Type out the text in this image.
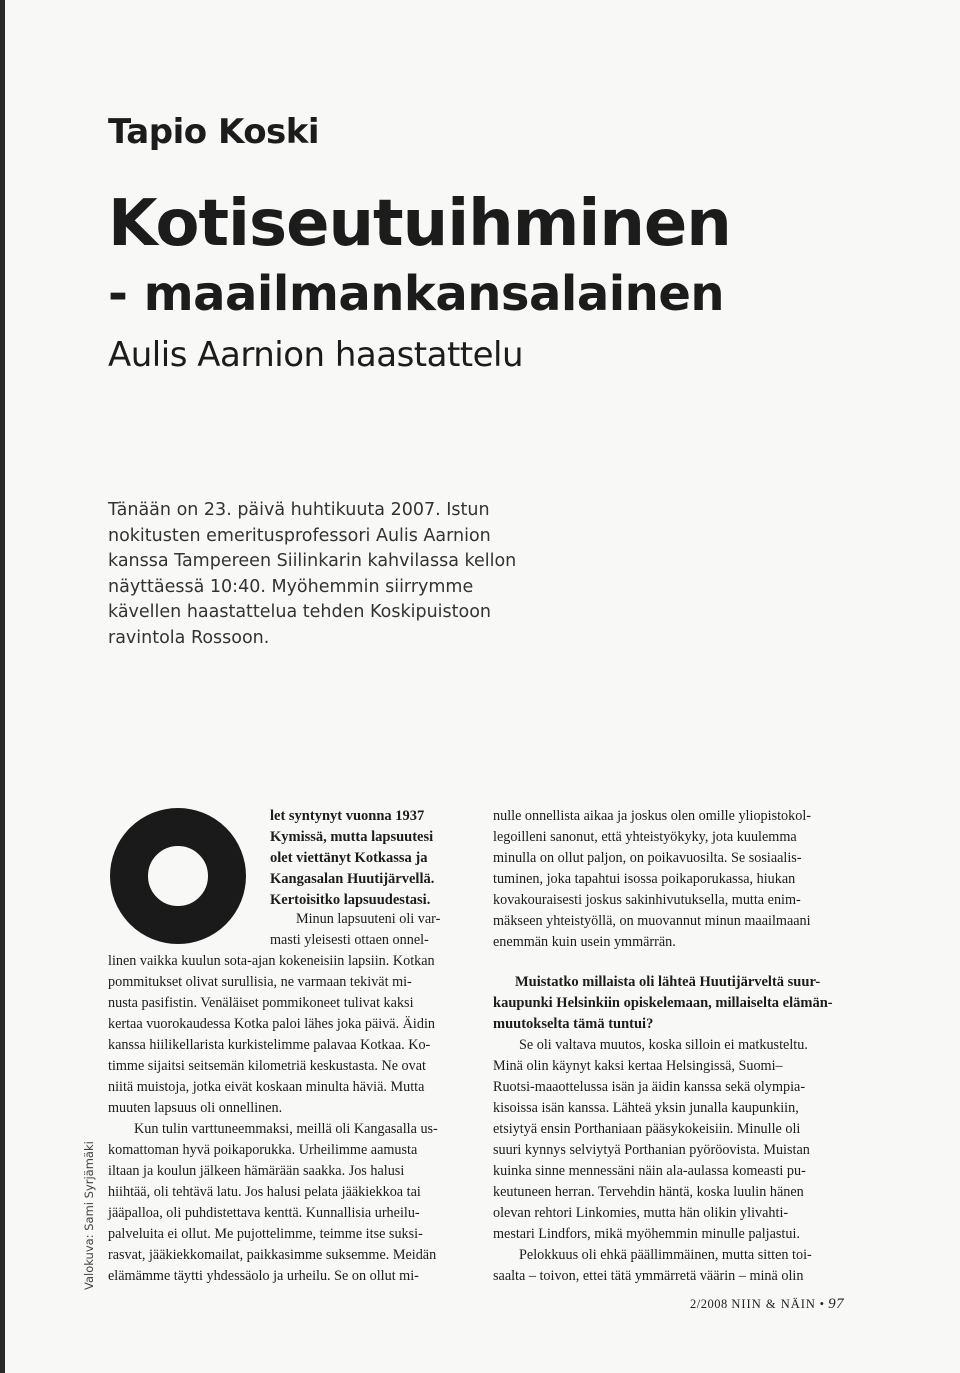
Tapio Koski
Kotiseutuihminen
- maailmankansalainen
Aulis Aarnion haastattelu
Tänään on 23. päivä huhtikuuta 2007. Istun
nokitusten emeritusprofessori Aulis Aarnion
kanssa Tampereen Siilinkarin kahvilassa kellon
näyttäessä 10:40. Myöhemmin siirrymme
kävellen haastattelua tehden Koskipuistoon
ravintola Rossoon.
let syntynyt vuonna 1937
Kymissä, mutta lapsuutesi
olet viettänyt Kotkassa ja
Kangasalan Huutijärvellä.
Kertoisitko lapsuudestasi.
Minun lapsuuteni oli var-
masti yleisesti ottaen onnel-
linen vaikka kuulun sota-ajan kokeneisiin lapsiin. Kotkan
pommitukset olivat surullisia, ne varmaan tekivät mi-
nusta pasifistin. Venäläiset pommikoneet tulivat kaksi
kertaa vuorokaudessa Kotka paloi lähes joka päivä. Äidin
kanssa hiilikellarista kurkistelimme palavaa Kotkaa. Ko-
timme sijaitsi seitsemän kilometriä keskustasta. Ne ovat
niitä muistoja, jotka eivät koskaan minulta häviä. Mutta
muuten lapsuus oli onnellinen.
Kun tulin varttuneemmaksi, meillä oli Kangasalla us-
komattoman hyvä poikaporukka. Urheilimme aamusta
iltaan ja koulun jälkeen hämärään saakka. Jos halusi
hiihtää, oli tehtävä latu. Jos halusi pelata jääkiekkoa tai
jääpalloa, oli puhdistettava kenttä. Kunnallisia urheilu-
palveluita ei ollut. Me pujottelimme, teimme itse suksi-
rasvat, jääkiekkomailat, paikkasimme suksemme. Meidän
elämämme täytti yhdessäolo ja urheilu. Se on ollut mi-
nulle onnellista aikaa ja joskus olen omille yliopistokol-
legoilleni sanonut, että yhteistyökyky, jota kuulemma
minulla on ollut paljon, on poikavuosilta. Se sosiaalis-
tuminen, joka tapahtui isossa poikaporukassa, hiukan
kovakouraisesti joskus sakinhivutuksella, mutta enim-
mäkseen yhteistyöllä, on muovannut minun maailmaani
enemmän kuin usein ymmärrän.
Muistatko millaista oli lähteä Huutijärveltä suur-
kaupunki Helsinkiin opiskelemaan, millaiselta elämän-
muutokselta tämä tuntui?
Se oli valtava muutos, koska silloin ei matkusteltu.
Minä olin käynyt kaksi kertaa Helsingissä, Suomi–
Ruotsi-maaottelussa isän ja äidin kanssa sekä olympia-
kisoissa isän kanssa. Lähteä yksin junalla kaupunkiin,
etsiytyä ensin Porthaniaan pääsykokeisiin. Minulle oli
suuri kynnys selviytyä Porthanian pyöröovista. Muistan
kuinka sinne mennessäni näin ala-aulassa komeasti pu-
keutuneen herran. Tervehdin häntä, koska luulin hänen
olevan rehtori Linkomies, mutta hän olikin ylivahti-
mestari Lindfors, mikä myöhemmin minulle paljastui.
Pelokkuus oli ehkä päällimmäinen, mutta sitten toi-
saalta – toivon, ettei tätä ymmärretä väärin – minä olin
Valokuva: Sami Syrjämäki
2/2008 NIIN & NÄIN • 97
